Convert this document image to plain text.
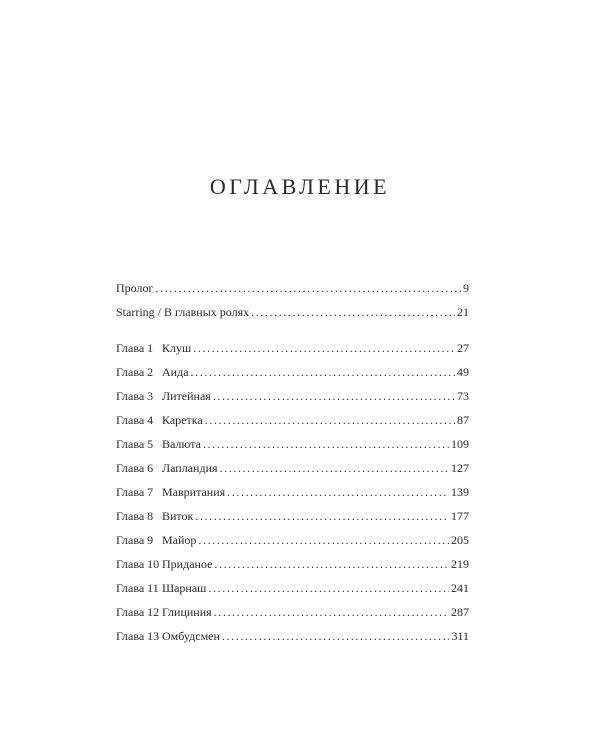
ОГЛАВЛЕНИЕ
Пролог .....	9
Starring / В главных ролях .....	21
Глава 1 Клуш .....	27
Глава 2 Аида .....	49
Глава 3 Литейная .....	73
Глава 4 Каретка .....	87
Глава 5 Валюта .....	109
Глава 6 Лапландия .....	127
Глава 7 Мавритания .....	139
Глава 8 Виток .....	177
Глава 9 Майор .....	205
Глава 10 Приданое .....	219
Глава 11 Шарнаш .....	241
Глава 12 Глициния .....	287
Глава 13 Омбудсмен .....	311
